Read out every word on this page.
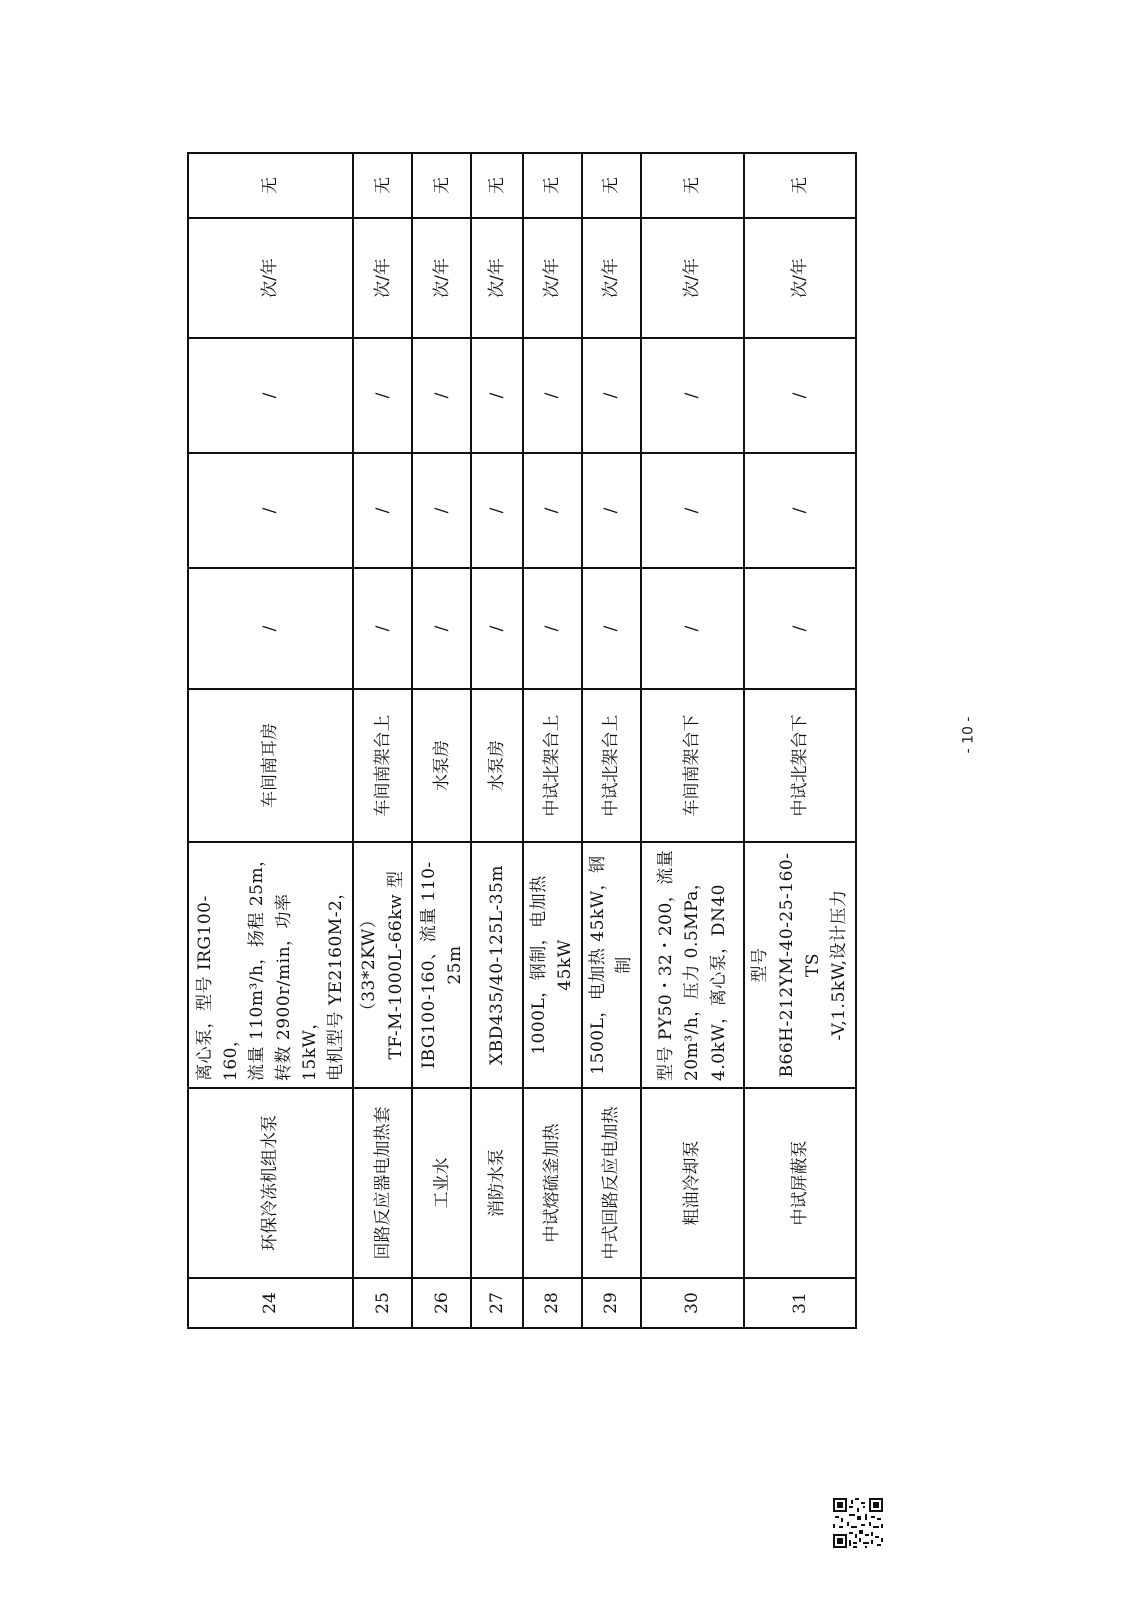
24	环保冷冻机组水泵	离心泵，型号 IRG100-160， 流量 110m³/h，扬程 25m， 转数 2900r/min，功率 15kW， 电机型号 YE2160M-2，	车间南耳房	/	/	/	次/年	无
25	回路反应器电加热套	（33*2KW） TF-M-1000L-66kw 型	车间南架台上	/	/	/	次/年	无
26	工业水	IBG100-160、流量 110-25m	水泵房	/	/	/	次/年	无
27	消防水泵	XBD435/40-125L-35m	水泵房	/	/	/	次/年	无
28	中试熔硫釜加热	1000L，钢制，电加热 45kW	中试北架台上	/	/	/	次/年	无
29	中式回路反应电加热	1500L，电加热 45kW，钢制	中试北架台上	/	/	/	次/年	无
30	粗油冷却泵	型号 PY50・32・200，流量 20m³/h，压力 0.5MPa， 4.0kW，离心泵，DN40	车间南架台下	/	/	/	次/年	无
31	中试屏蔽泵	型号 B66H-212YM-40-25-160-TS -V,1.5kW,设计压力	中试北架台下	/	/	/	次/年	无
- 10 -
